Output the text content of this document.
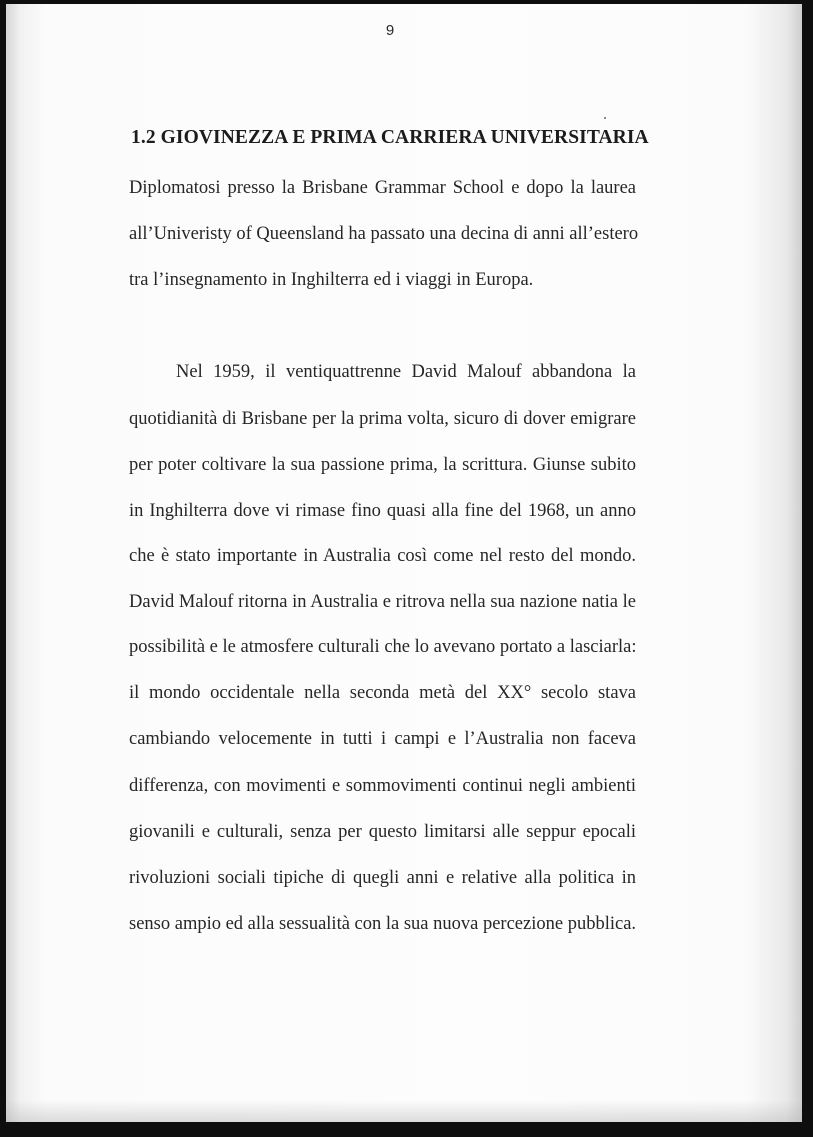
9
1.2 GIOVINEZZA E PRIMA CARRIERA UNIVERSITARIA
Diplomatosi presso la Brisbane Grammar School e dopo la laurea
all’Univeristy of Queensland ha passato una decina di anni all’estero
tra l’insegnamento in Inghilterra ed i viaggi in Europa.
Nel 1959, il ventiquattrenne David Malouf abbandona la
quotidianità di Brisbane per la prima volta, sicuro di dover emigrare
per poter coltivare la sua passione prima, la scrittura. Giunse subito
in Inghilterra dove vi rimase fino quasi alla fine del 1968, un anno
che è stato importante in Australia così come nel resto del mondo.
David Malouf ritorna in Australia e ritrova nella sua nazione natia le
possibilità e le atmosfere culturali che lo avevano portato a lasciarla:
il mondo occidentale nella seconda metà del XX° secolo stava
cambiando velocemente in tutti i campi e l’Australia non faceva
differenza, con movimenti e sommovimenti continui negli ambienti
giovanili e culturali, senza per questo limitarsi alle seppur epocali
rivoluzioni sociali tipiche di quegli anni e relative alla politica in
senso ampio ed alla sessualità con la sua nuova percezione pubblica.
